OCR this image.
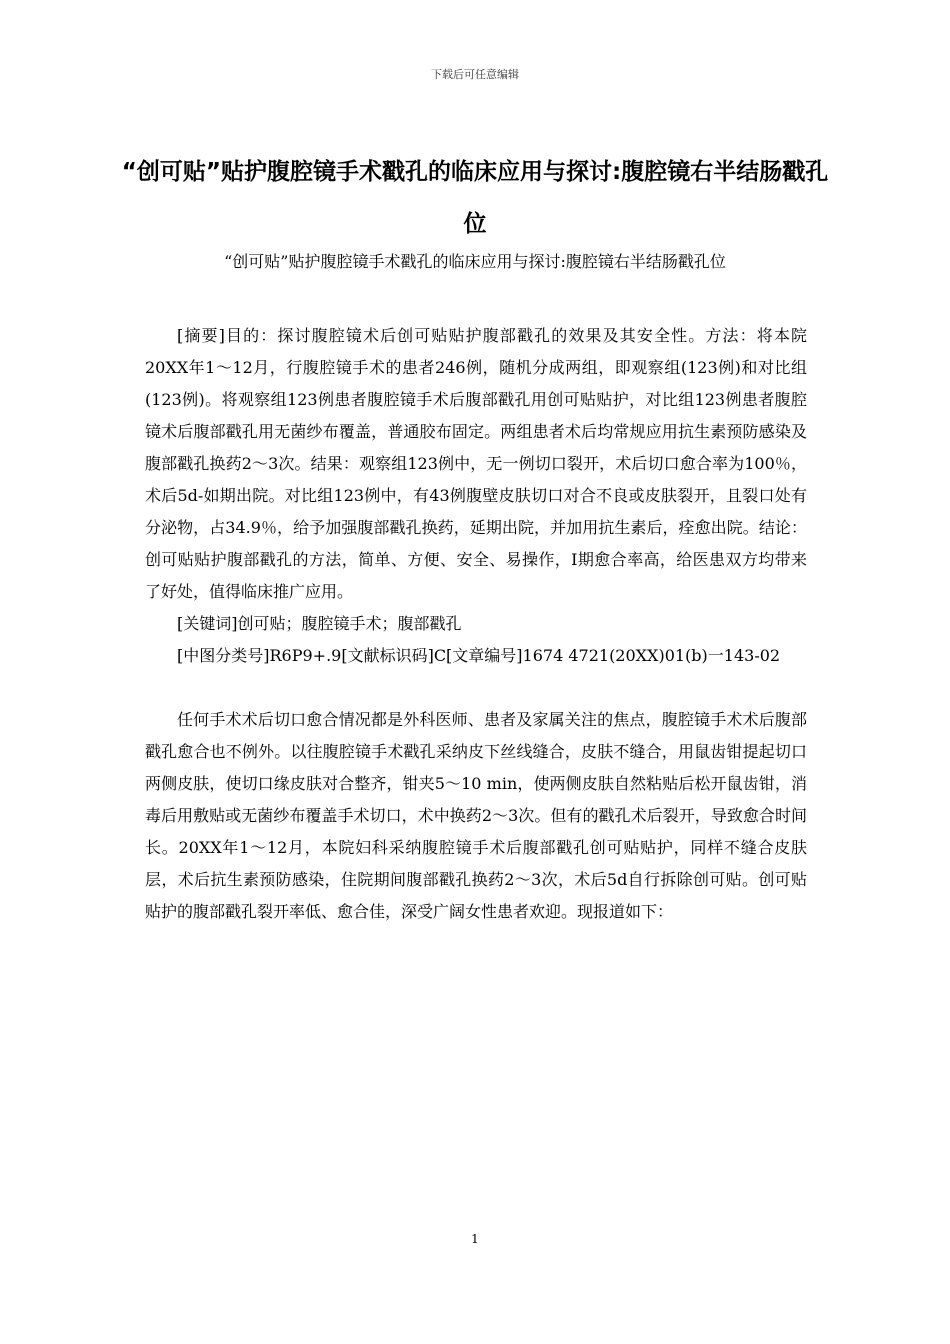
下载后可任意编辑
“创可贴”贴护腹腔镜手术戳孔的临床应用与探讨:腹腔镜右半结肠戳孔位
“创可贴”贴护腹腔镜手术戳孔的临床应用与探讨:腹腔镜右半结肠戳孔位

[摘要]目的：探讨腹腔镜术后创可贴贴护腹部戳孔的效果及其安全性。方法：将本院20XX年1～12月，行腹腔镜手术的患者246例，随机分成两组，即观察组(123例)和对比组(123例)。将观察组123例患者腹腔镜手术后腹部戳孔用创可贴贴护，对比组123例患者腹腔镜术后腹部戳孔用无菌纱布覆盖，普通胶布固定。两组患者术后均常规应用抗生素预防感染及腹部戳孔换药2～3次。结果：观察组123例中，无一例切口裂开，术后切口愈合率为100％，术后5d-如期出院。对比组123例中，有43例腹壁皮肤切口对合不良或皮肤裂开，且裂口处有分泌物，占34.9％，给予加强腹部戳孔换药，延期出院，并加用抗生素后，痊愈出院。结论：创可贴贴护腹部戳孔的方法，简单、方便、安全、易操作，I期愈合率高，给医患双方均带来了好处，值得临床推广应用。

[关键词]创可贴；腹腔镜手术；腹部戳孔

[中图分类号]R6P9+.9[文献标识码]C[文章编号]1674 4721(20XX)01(b)一143-02

任何手术术后切口愈合情况都是外科医师、患者及家属关注的焦点，腹腔镜手术术后腹部戳孔愈合也不例外。以往腹腔镜手术戳孔采纳皮下丝线缝合，皮肤不缝合，用鼠齿钳提起切口两侧皮肤，使切口缘皮肤对合整齐，钳夹5～10 min，使两侧皮肤自然粘贴后松开鼠齿钳，消毒后用敷贴或无菌纱布覆盖手术切口，术中换药2～3次。但有的戳孔术后裂开，导致愈合时间长。20XX年1～12月，本院妇科采纳腹腔镜手术后腹部戳孔创可贴贴护，同样不缝合皮肤层，术后抗生素预防感染，住院期间腹部戳孔换药2～3次，术后5d自行拆除创可贴。创可贴贴护的腹部戳孔裂开率低、愈合佳，深受广阔女性患者欢迎。现报道如下：

1
